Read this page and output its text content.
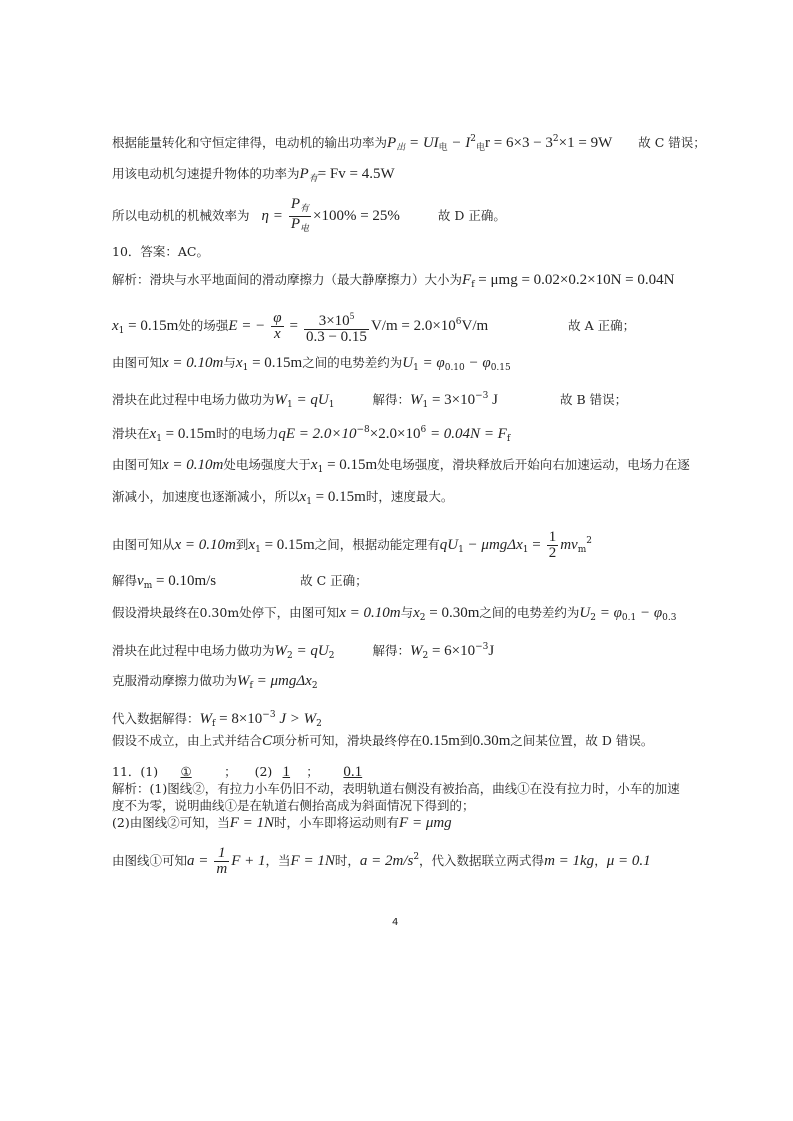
根据能量转化和守恒定律得，电动机的输出功率为$P_出 = UI_电 - I^2_电r = 6\times 3 - 3^2\times 1 = 9W$ 故 C 错误；
用该电动机匀速提升物体的功率为$P_有= Fv = 4.5W$
所以电动机的机械效率为 $\eta = \frac{P_有}{P_电} \times 100\% = 25\%$	故 D 正确。
10．答案：AC。
解析：滑块与水平地面间的滑动摩擦力（最大静摩擦力）大小为$F_f = \mu mg = 0.02\times 0.2\times 10N = 0.04N$
$x_1 = 0.15m$处的场强E = − $\frac{\varphi}{x} = \frac{3\times 10^5}{0.3 - 0.15} V/m = 2.0\times 10^6V/m$	故 A 正确；
由图可知x = 0.10m与$x_1 = 0.15m$之间的电势差约为$U_1 = \varphi_{0.10} - \varphi_{0.15}$
滑块在此过程中电场力做功为$W_1 = qU_1$	解得：$W_1 = 3\times 10^{-3}$ J	故 B 错误；
滑块在$x_1 = 0.15m$时的电场力qE = $2.0\times 10^{-8}\times 2.0\times 10^6 = 0.04N = F_f$
由图可知x = 0.10m处电场强度大于$x_1 = 0.15m$处电场强度，滑块释放后开始向右加速运动，电场力在逐
渐减小，加速度也逐渐减小，所以$x_1 = 0.15m$时，速度最大。
由图可知从x = 0.10m到$x_1 = 0.15m$之间，根据动能定理有$qU_1 - \mu mg\Delta x_1 = \frac{1}{2} mv_m^2$
解得$v_m = 0.10m/s$	故 C 正确；
假设滑块最终在0.30m处停下，由图可知x = 0.10m与$x_2 = 0.30m$之间的电势差约为$U_2 = \varphi_{0.1} - \varphi_{0.3}$
滑块在此过程中电场力做功为$W_2 = qU_2$	解得：$W_2 = 6\times 10^{-3}J$
克服滑动摩擦力做功为$W_f = \mu mg\Delta x_2$
代入数据解得：$W_f = 8\times 10^{-3}$ $J > W_2$
假设不成立，由上式并结合C项分析可知，滑块最终停在0.15m到0.30m之间某位置，故 D 错误。
11．(1) ①	； (2) 1 ； 0.1
解析：(1)图线②，有拉力小车仍旧不动，表明轨道右侧没有被抬高，曲线①在没有拉力时，小车的加速
度不为零，说明曲线①是在轨道右侧抬高成为斜面情况下得到的；
(2)由图线②可知，当F = 1N时，小车即将运动则有F = μmg
由图线①可知$a = \frac{1}{m}$ F + 1，当F = 1N时，$a = 2m/s^2$，代入数据联立两式得m = 1kg，μ = 0.1
4
